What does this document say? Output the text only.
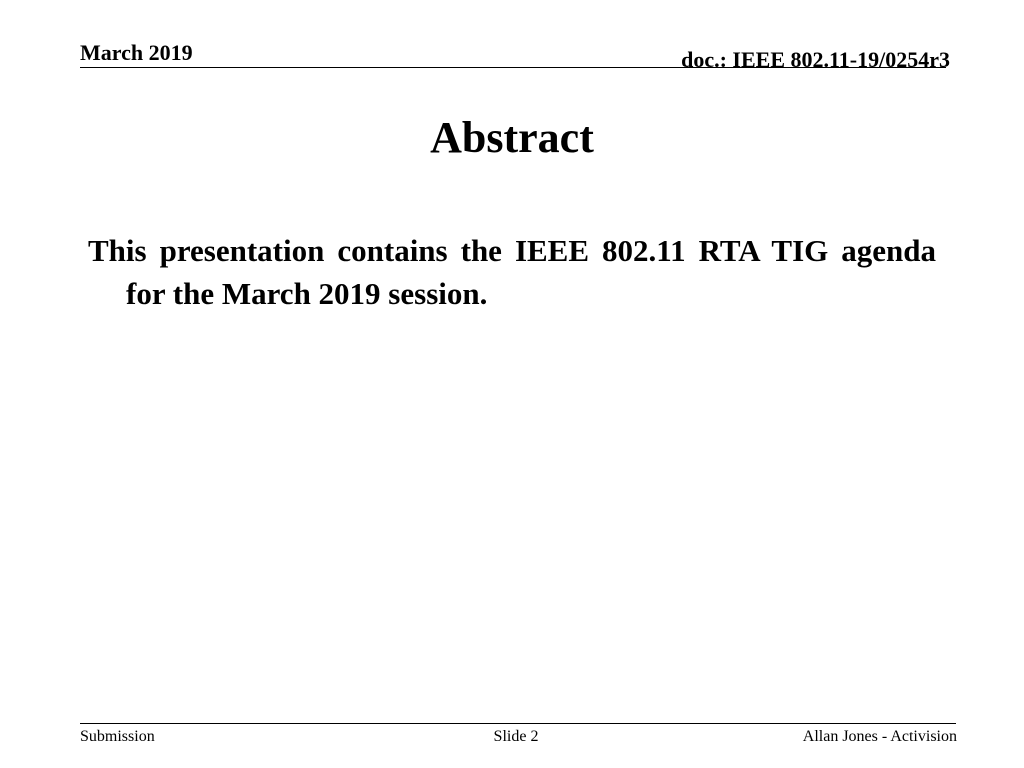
March 2019	doc.: IEEE 802.11-19/0254r3
Abstract
This presentation contains the IEEE 802.11 RTA TIG agenda for the March 2019 session.
Submission	Slide 2	Allan Jones - Activision
